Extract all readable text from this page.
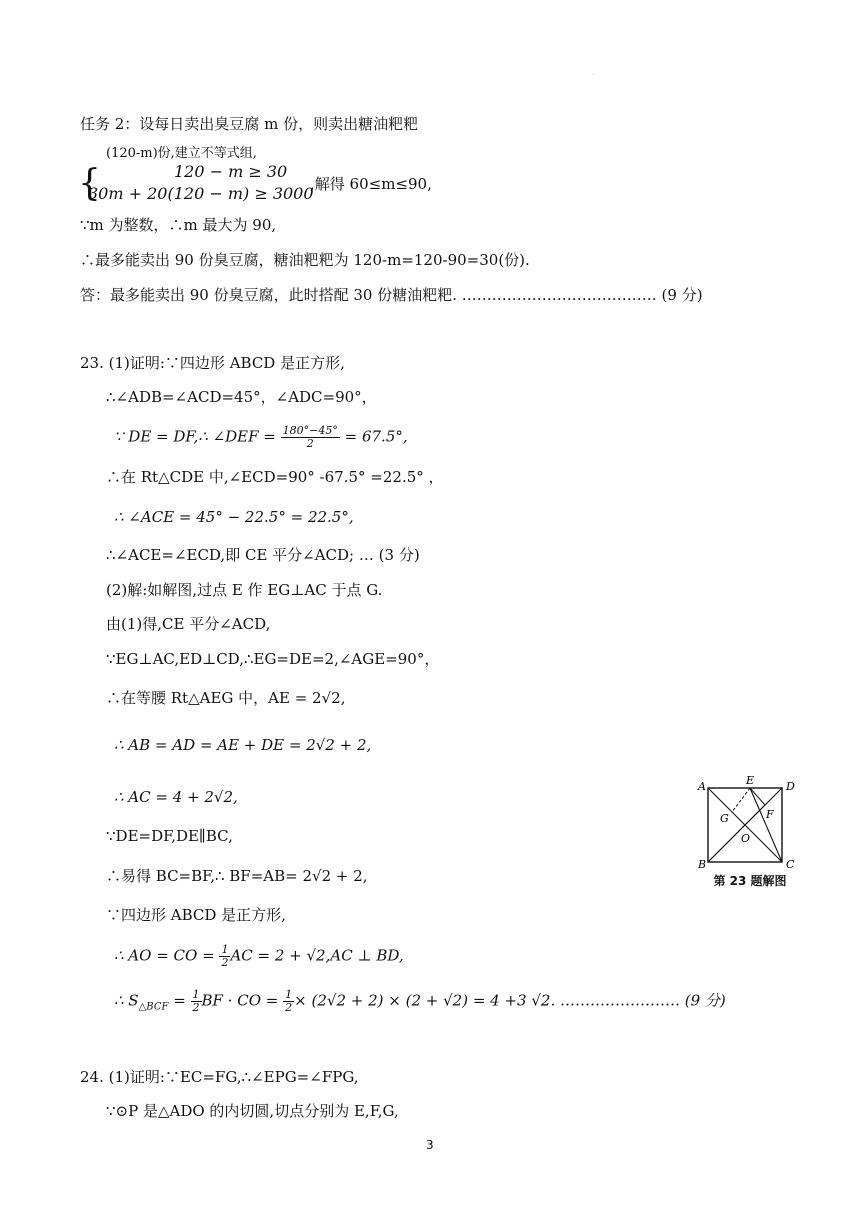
·
任务 2：设每日卖出臭豆腐 m 份，则卖出糖油粑粑
(120-m)份,建立不等式组,
{	120 − m ≥ 30
30m + 20(120 − m) ≥ 3000
,解得 60≤m≤90,
∵m 为整数，∴m 最大为 90,
∴最多能卖出 90 份臭豆腐，糖油粑粑为 120-m=120-90=30(份).
答：最多能卖出 90 份臭豆腐，此时搭配 30 份糖油粑粑. ………………………………… (9 分)
23. (1)证明:∵四边形 ABCD 是正方形,
∴∠ADB=∠ACD=45°，∠ADC=90°，
∵ DE = DF,∴ ∠DEF = $\frac{180^\circ-45^\circ}{2} = 67.5^\circ$,
∴在 Rt△CDE 中,∠ECD=90° -67.5° =22.5° ，
∴ ∠ACE = 45° − 22.5° = 22.5°,
∴∠ACE=∠ECD,即 CE 平分∠ACD; … (3 分)
(2)解:如解图,过点 E 作 EG⊥AC 于点 G.
由(1)得,CE 平分∠ACD,
∵EG⊥AC,ED⊥CD,∴EG=DE=2,∠AGE=90°，
∴在等腰 Rt△AEG 中，AE = 2√2,
∴ AB = AD = AE + DE = 2√2 + 2,
∴ AC = 4 + 2√2,
∵DE=DF,DE∥BC,
∴易得 BC=BF,∴ BF=AB= 2√2 + 2,
∵四边形 ABCD 是正方形,
∴ AO = CO = $\frac{1}{2}$ AC = 2 + √2,AC ⊥ BD,
∴ $S_{\triangle BCF} = \frac{1}{2}$ BF · CO = $\frac{1}{2} \times (2√2 + 2) \times (2 + √2) = 4 +3$ √2. …………………… (9 分)
24. (1)证明:∵EC=FG,∴∠EPG=∠FPG,
∵⊙P 是△ADO 的内切圆,切点分别为 E,F,G,
A	D
B	C
E
F
G
O
第 23 题解图
3
